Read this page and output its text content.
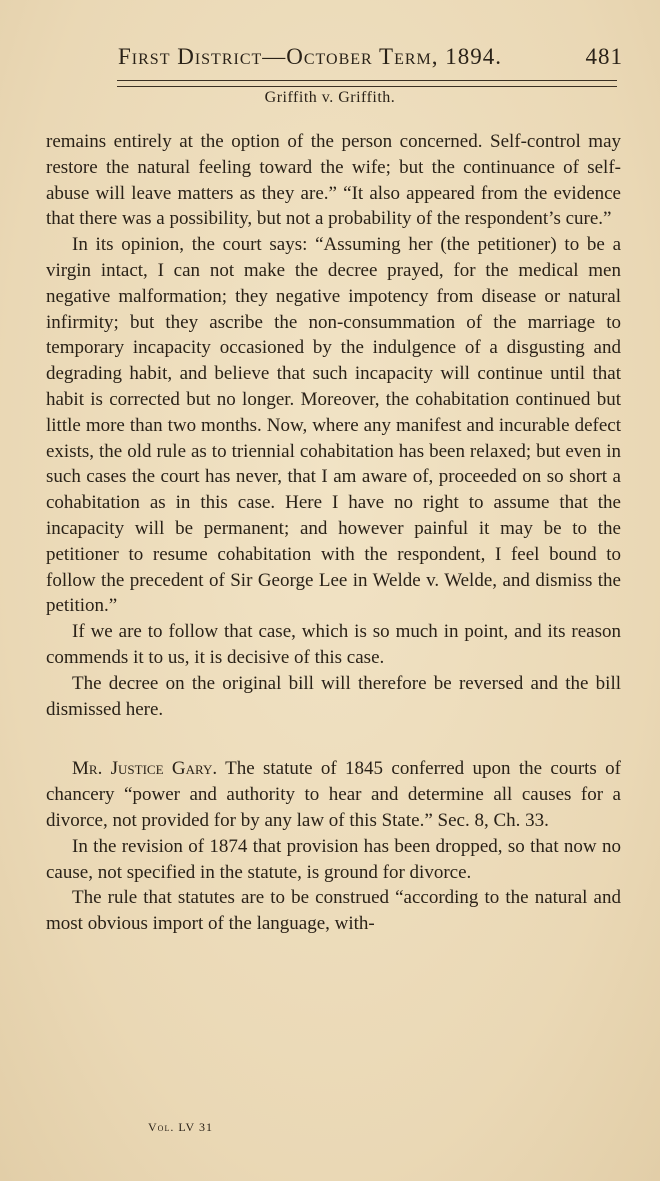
First District—October Term, 1894.	481
Griffith v. Griffith.

remains entirely at the option of the person concerned. Self-control may restore the natural feeling toward the wife; but the continuance of self-abuse will leave matters as they are.” “It also appeared from the evidence that there was a possibility, but not a probability of the respondent’s cure.”

In its opinion, the court says: “Assuming her (the petitioner) to be a virgin intact, I can not make the decree prayed, for the medical men negative malformation; they negative impotency from disease or natural infirmity; but they ascribe the non-consummation of the marriage to temporary incapacity occasioned by the indulgence of a disgusting and degrading habit, and believe that such incapacity will continue until that habit is corrected but no longer. Moreover, the cohabitation continued but little more than two months. Now, where any manifest and incurable defect exists, the old rule as to triennial cohabitation has been relaxed; but even in such cases the court has never, that I am aware of, proceeded on so short a cohabitation as in this case. Here I have no right to assume that the incapacity will be permanent; and however painful it may be to the petitioner to resume cohabitation with the respondent, I feel bound to follow the precedent of Sir George Lee in Welde v. Welde, and dismiss the petition.”

If we are to follow that case, which is so much in point, and its reason commends it to us, it is decisive of this case.

The decree on the original bill will therefore be reversed and the bill dismissed here.

Mr. Justice Gary. The statute of 1845 conferred upon the courts of chancery “power and authority to hear and determine all causes for a divorce, not provided for by any law of this State.” Sec. 8, Ch. 33.

In the revision of 1874 that provision has been dropped, so that now no cause, not specified in the statute, is ground for divorce.

The rule that statutes are to be construed “according to the natural and most obvious import of the language, with-

Vol. LV 31
